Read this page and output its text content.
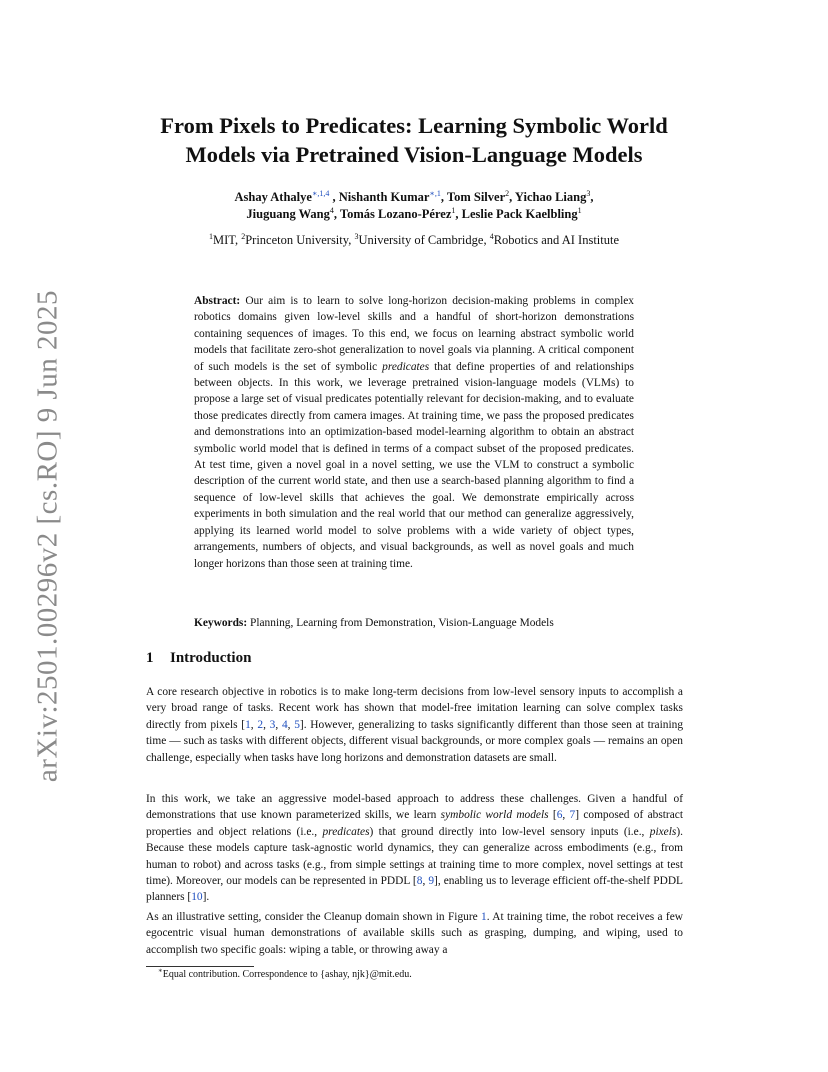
arXiv:2501.00296v2 [cs.RO] 9 Jun 2025
From Pixels to Predicates: Learning Symbolic World
Models via Pretrained Vision-Language Models
Ashay Athalye$^{∗,1,4}$ , Nishanth Kumar$^{∗,1}$, Tom Silver$^2$, Yichao Liang$^3$,
Jiuguang Wang$^4$, Tomás Lozano-Pérez$^1$, Leslie Pack Kaelbling$^1$
$^1$MIT, $^2$Princeton University, $^3$University of Cambridge, $^4$Robotics and AI Institute
Abstract: Our aim is to learn to solve long-horizon decision-making problems in complex robotics domains given low-level skills and a handful of short-horizon demonstrations containing sequences of images. To this end, we focus on learning abstract symbolic world models that facilitate zero-shot generalization to novel goals via planning. A critical component of such models is the set of symbolic predicates that define properties of and relationships between objects. In this work, we leverage pretrained vision-language models (VLMs) to propose a large set of visual predicates potentially relevant for decision-making, and to evaluate those predicates directly from camera images. At training time, we pass the proposed predicates and demonstrations into an optimization-based model-learning algorithm to obtain an abstract symbolic world model that is defined in terms of a compact subset of the proposed predicates. At test time, given a novel goal in a novel setting, we use the VLM to construct a symbolic description of the current world state, and then use a search-based planning algorithm to find a sequence of low-level skills that achieves the goal. We demonstrate empirically across experiments in both simulation and the real world that our method can generalize aggressively, applying its learned world model to solve problems with a wide variety of object types, arrangements, numbers of objects, and visual backgrounds, as well as novel goals and much longer horizons than those seen at training time.
Keywords: Planning, Learning from Demonstration, Vision-Language Models
1 Introduction
A core research objective in robotics is to make long-term decisions from low-level sensory inputs to accomplish a very broad range of tasks. Recent work has shown that model-free imitation learning can solve complex tasks directly from pixels [1, 2, 3, 4, 5]. However, generalizing to tasks significantly different than those seen at training time — such as tasks with different objects, different visual backgrounds, or more complex goals — remains an open challenge, especially when tasks have long horizons and demonstration datasets are small.
In this work, we take an aggressive model-based approach to address these challenges. Given a handful of demonstrations that use known parameterized skills, we learn symbolic world models [6, 7] composed of abstract properties and object relations (i.e., predicates) that ground directly into low-level sensory inputs (i.e., pixels). Because these models capture task-agnostic world dynamics, they can generalize across embodiments (e.g., from human to robot) and across tasks (e.g., from simple settings at training time to more complex, novel settings at test time). Moreover, our models can be represented in PDDL [8, 9], enabling us to leverage efficient off-the-shelf PDDL planners [10].
As an illustrative setting, consider the Cleanup domain shown in Figure 1. At training time, the robot receives a few egocentric visual human demonstrations of available skills such as grasping, dumping, and wiping, used to accomplish two specific goals: wiping a table, or throwing away a
∗Equal contribution. Correspondence to {ashay, njk}@mit.edu.
